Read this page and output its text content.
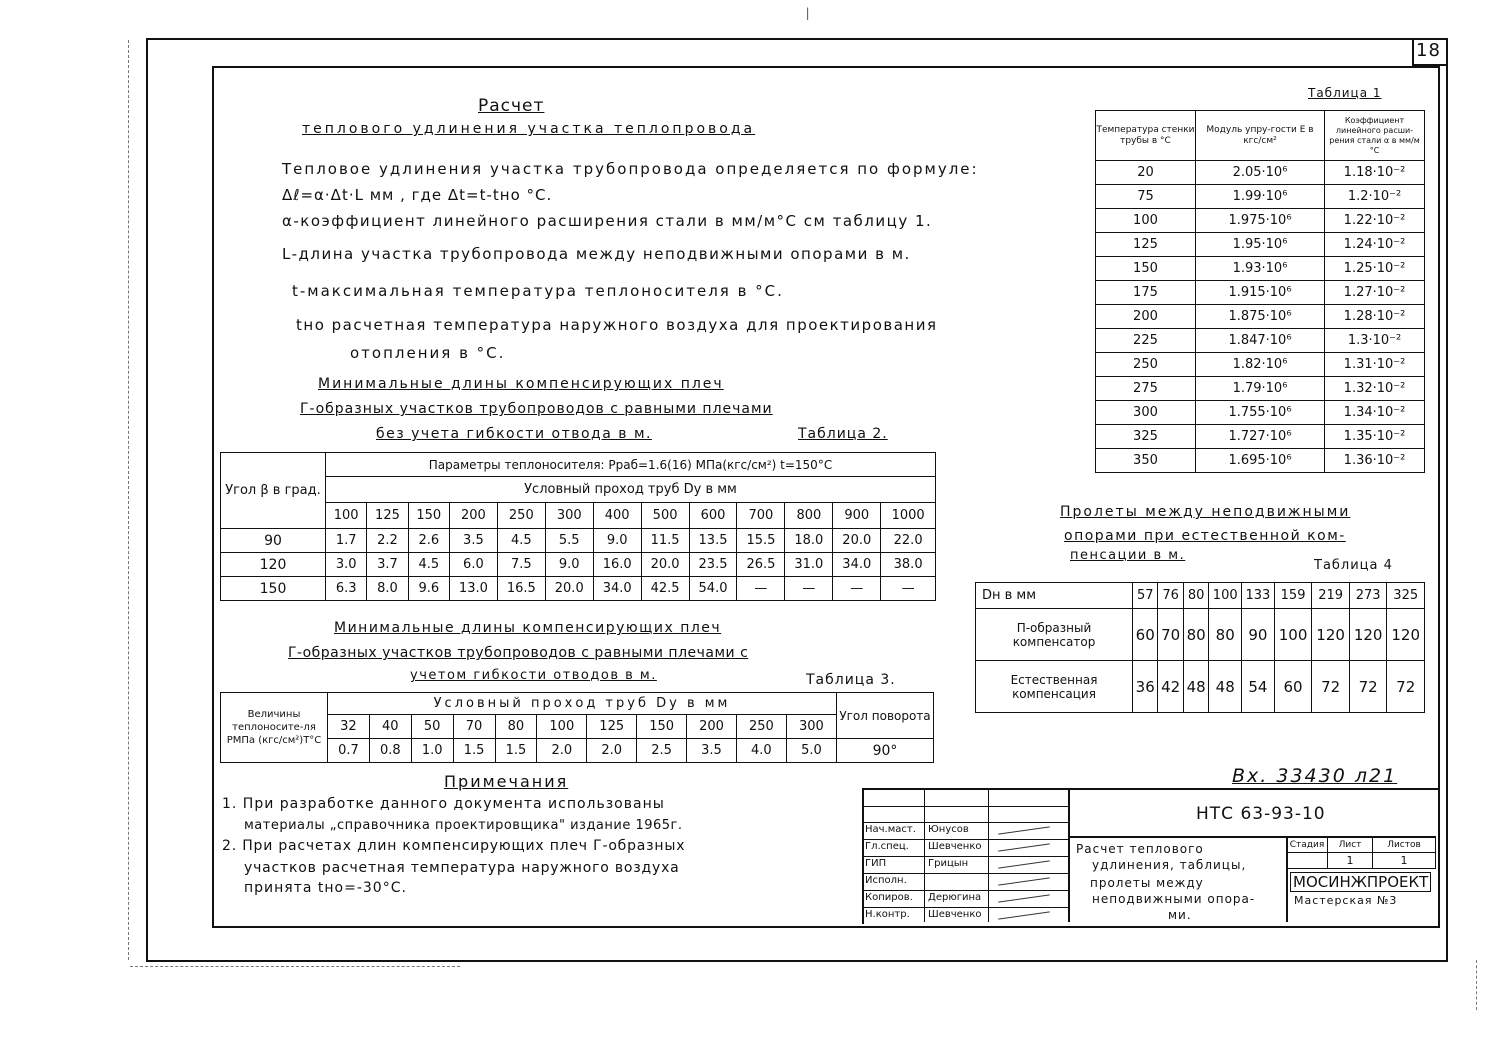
18
|
Расчет
теплового удлинения участка теплопровода
Тепловое удлинения участка трубопровода определяется по формуле:
Δℓ=α·Δt·L мм , где Δt=t-tно °C.
α-коэффициент линейного расширения стали в мм/м°С см таблицу 1.
L-длина участка трубопровода между неподвижными опорами в м.
t-максимальная температура теплоносителя в °С.
tно расчетная температура наружного воздуха для проектирования
отопления в °С.
Таблица 1
Температура стенки трубы в °С	Модуль упру-гости E в кгс/см²	Коэффициент линейного расши-рения стали α в мм/м °С
20	2.05·10⁶	1.18·10⁻²
75	1.99·10⁶	1.2·10⁻²
100	1.975·10⁶	1.22·10⁻²
125	1.95·10⁶	1.24·10⁻²
150	1.93·10⁶	1.25·10⁻²
175	1.915·10⁶	1.27·10⁻²
200	1.875·10⁶	1.28·10⁻²
225	1.847·10⁶	1.3·10⁻²
250	1.82·10⁶	1.31·10⁻²
275	1.79·10⁶	1.32·10⁻²
300	1.755·10⁶	1.34·10⁻²
325	1.727·10⁶	1.35·10⁻²
350	1.695·10⁶	1.36·10⁻²
Минимальные длины компенсирующих плеч
Г-образных участков трубопроводов с равными плечами
без учета гибкости отвода в м.	Таблица 2.
Угол β в град.	Параметры теплоносителя: Pраб=1.6(16) МПа(кгс/см²) t=150°С												
	Условный проход труб Dу в мм												
	100	125	150	200	250	300	400	500	600	700	800	900	1000
90	1.7	2.2	2.6	3.5	4.5	5.5	9.0	11.5	13.5	15.5	18.0	20.0	22.0
120	3.0	3.7	4.5	6.0	7.5	9.0	16.0	20.0	23.5	26.5	31.0	34.0	38.0
150	6.3	8.0	9.6	13.0	16.5	20.0	34.0	42.5	54.0	—	—	—	—
Минимальные длины компенсирующих плеч
Г-образных участков трубопроводов с равными плечами с
учетом гибкости отводов в м.	Таблица 3.
Величины теплоносите-ля PМПа (кгс/см²)T°С	Условный проход труб Dу в мм											Угол поворота
	32	40	50	70	80	100	125	150	200	250	300	
	0.7	0.8	1.0	1.5	1.5	2.0	2.0	2.5	3.5	4.0	5.0	90°
Примечания
1. При разработке данного документа использованы
материалы „справочника проектировщика" издание 1965г.
2. При расчетах длин компенсирующих плеч Г-образных
участков расчетная температура наружного воздуха
принята tно=-30°С.
Пролеты между неподвижными
опорами при естественной ком-
пенсации в м.
Таблица 4
Dн в мм	57	76	80	100	133	159	219	273	325
П-образный компенсатор	60	70	80	80	90	100	120	120	120
Естественная компенсация	36	42	48	48	54	60	72	72	72
Вх. 33430 л21
НТС 63-93-10
Нач.маст. Юнусов
Гл.спец. Шевченко
ГИП	Грицын
Исполн.
Копиров. Дерюгина
Н.контр. Шевченко
Расчет теплового
удлинения, таблицы,
пролеты между
неподвижными опора-
ми.
Стадия	Лист	Листов
	1	1
МОСИНЖПРОЕКТ
Мастерская №3
